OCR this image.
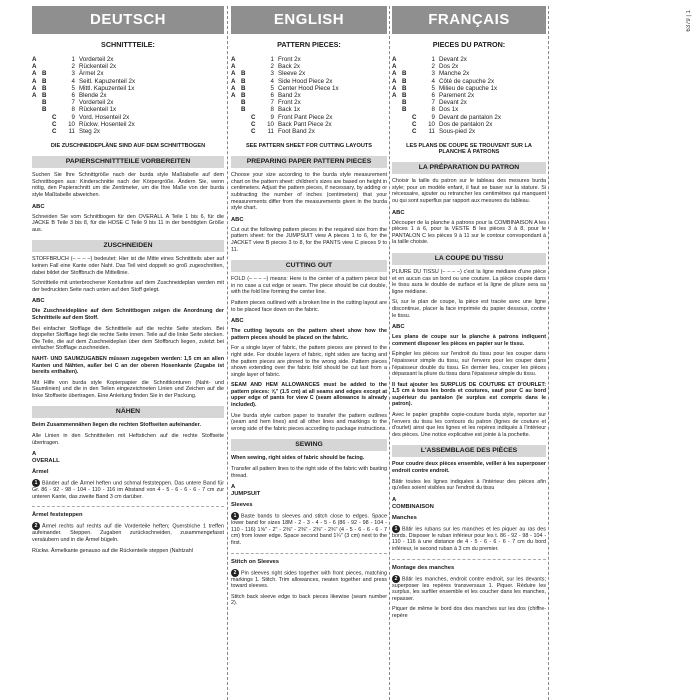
6379 | 1
DEUTSCH
SCHNITTTEILE:
A	1 Vorderteil 2x
A	2 Rückenteil 2x
A B	3 Ärmel 2x
A B	4 Seitl. Kapuzenteil 2x
A B	5 Mittl. Kapuzenteil 1x
A B	6 Blende 2x
B	7 Vorderteil 2x
B	8 Rückenteil 1x
C	9 Vord. Hosenteil 2x
C	10 Rückw. Hosenteil 2x
C	11 Steg 2x
DIE ZUSCHNEIDEPLÄNE SIND AUF DEM SCHNITTBOGEN
PAPIERSCHNITTTEILE VORBEREITEN
Suchen Sie Ihre Schnittgröße nach der burda style Maßtabelle auf dem Schnittbogen aus: Kinderschnitte nach der Körpergröße. Ändern Sie, wenn nötig, den Papierschnitt um die Zentimeter, um die Ihre Maße von der burda style Maßtabelle abweichen.
ABC
Schneiden Sie vom Schnittbogen für den OVERALL A Teile 1 bis 6, für die JACKE B Teile 3 bis 8, für die HOSE C Teile 9 bis 11 in der benötigten Größe aus.
ZUSCHNEIDEN
STOFFBRUCH (– – – –) bedeutet: Hier ist die Mitte eines Schnittteils aber auf keinen Fall eine Kante oder Naht. Das Teil wird doppelt so groß zugeschnitten, dabei bildet der Stoffbruch die Mittellinie.
Schnittteile mit unterbrochener Konturlinie auf dem Zuschneideplan werden mit der bedruckten Seite nach unten auf den Stoff gelegt.
ABC
Die Zuschneidepläne auf dem Schnittbogen zeigen die Anordnung der Schnittteile auf dem Stoff.
Bei einfacher Stofflage die Schnittteile auf die rechte Seite stecken. Bei doppelter Stofflage liegt die rechte Seite innen. Teile auf die linke Seite stecken. Die Teile, die auf dem Zuschneideplan über dem Stoffbruch liegen, zuletzt bei einfacher Stofflage zuschneiden.
NAHT- UND SAUMZUGABEN müssen zugegeben werden: 1,5 cm an allen Kanten und Nähten, außer bei C an der oberen Hosenkante (Zugabe ist bereits enthalten).
Mit Hilfe von burda style Kopierpapier die Schnittkonturen (Naht- und Saumlinien) und die in den Teilen eingezeichneten Linien und Zeichen auf die linke Stoffseite übertragen. Eine Anleitung finden Sie in der Packung.
NÄHEN
Beim Zusammennähen liegen die rechten Stoffseiten aufeinander.
Alle Linien in den Schnittteilen mit Heftstichen auf die rechte Stoffseite übertragen.
A
OVERALL
Ärmel
1 Bänder auf die Ärmel heften und schmal feststeppen. Das untere Band für Gr. 86 - 92 - 98 - 104 - 110 - 116 im Abstand von 4 - 5 - 6 - 6 - 6 - 7 cm zur unteren Kante, das zweite Band 3 cm darüber.
Ärmel feststeppen
2 Ärmel rechts auf rechts auf die Vorderteile heften; Querstriche 1 treffen aufeinander. Steppen. Zugaben zurückschneiden, zusammengefasst versäubern und in die Ärmel bügeln.
Rückw. Ärmelkante genauso auf die Rückenteile steppen (Nahtzahl
ENGLISH
PATTERN PIECES:
A	1 Front 2x
A	2 Back 2x
A B	3 Sleeve 2x
A B	4 Side Hood Piece 2x
A B	5 Center Hood Piece 1x
A B	6 Band 2x
B	7 Front 2x
B	8 Back 1x
C	9 Front Pant Piece 2x
C	10 Back Pant Piece 2x
C	11 Foot Band 2x
SEE PATTERN SHEET FOR CUTTING LAYOUTS
PREPARING PAPER PATTERN PIECES
Choose your size according to the burda style measurement chart on the pattern sheet: children's sizes are based on height in centimeters. Adjust the pattern pieces, if necessary, by adding or subtracting the number of inches (centimeters) that your measurements differ from the measurements given in the burda style chart.
ABC
Cut out the following pattern pieces in the required size from the pattern sheet: for the JUMPSUIT view A pieces 1 to 6, for the JACKET view B pieces 3 to 8, for the PANTS view C pieces 9 to 11.
CUTTING OUT
FOLD (– – – –) means: Here is the center of a pattern piece but in no case a cut edge or seam. The piece should be cut double, with the fold line forming the center line.
Pattern pieces outlined with a broken line in the cutting layout are to be placed face down on the fabric.
ABC
The cutting layouts on the pattern sheet show how the pattern pieces should be placed on the fabric.
For a single layer of fabric, the pattern pieces are pinned to the right side. For double layers of fabric, right sides are facing and the pattern pieces are pinned to the wrong side. Pattern pieces shown extending over the fabric fold should be cut last from a single layer of fabric.
SEAM AND HEM ALLOWANCES must be added to the pattern pieces: ⅝" (1.5 cm) at all seams and edges except at upper edge of pants for view C (seam allowance is already included).
Use burda style carbon paper to transfer the pattern outlines (seam and hem lines) and all other lines and markings to the wrong side of the fabric pieces according to package instructions.
SEWING
When sewing, right sides of fabric should be facing.
Transfer all pattern lines to the right side of the fabric with basting thread.
A
JUMPSUIT
Sleeves
1 Baste bands to sleeves and stitch close to edges. Space lower band for sizes 18M - 2 - 3 - 4 - 5 - 6 (86 - 92 - 98 - 104 - 110 - 116) 1⅝" - 2" - 2⅜" - 2⅜" - 2⅜" - 2¾" (4 - 5 - 6 - 6 - 6 - 7 cm) from lower edge. Space second band 1¼" (3 cm) next to the first.
Stitch on Sleeves
2 Pin sleeves right sides together with front pieces, matching markings 1. Stitch. Trim allowances, neaten together and press toward sleeves.
Stitch back sleeve edge to back pieces likewise (seam number 2).
FRANÇAIS
PIECES DU PATRON:
A	1 Devant 2x
A	2 Dos 2x
A B	3 Manche 2x
A B	4 Côté de capuche 2x
A B	5 Milieu de capuche 1x
A B	6 Parement 2x
B	7 Devant 2x
B	8 Dos 1x
C	9 Devant de pantalon 2x
C	10 Dos de pantalon 2x
C	11 Sous-pied 2x
LES PLANS DE COUPE SE TROUVENT SUR LA PLANCHE À PATRONS
LA PRÉPARATION DU PATRON
Choisir la taille du patron sur le tableau des mesures burda style; pour un modèle enfant, il faut se baser sur la stature. Si nécessaire, ajouter ou retrancher les centimètres qui manquent ou qui sont superflus par rapport aux mesures du tableau.
ABC
Découper de la planche à patrons pour la COMBINAISON A les pièces 1 à 6, pour la VESTE B les pièces 3 à 8, pour le PANTALON C les pièces 9 à 11 sur le contour correspondant à la taille choisie.
LA COUPE DU TISSU
PLIURE DU TISSU (– – – –) c'est la ligne médiane d'une pièce et en aucun cas un bord ou une couture. La pièce coupée dans le tissu aura le double de surface et la ligne de pliure sera sa ligne médiane.
Si, sur le plan de coupe, la pièce est tracée avec une ligne discontinue, placer la face imprimée du papier dessous, contre le tissu.
ABC
Les plans de coupe sur la planche à patrons indiquent comment disposer les pièces en papier sur le tissu.
Épingler les pièces sur l'endroit du tissu pour les couper dans l'épaisseur simple du tissu, sur l'envers pour les couper dans l'épaisseur double du tissu. En dernier lieu, couper les pièces dépassant la pliure du tissu dans l'épaisseur simple du tissu.
Il faut ajouter les SURPLUS DE COUTURE ET D'OURLET: 1,5 cm à tous les bords et coutures, sauf pour C au bord supérieur du pantalon (le surplus est compris dans le patron).
Avec le papier graphite copie-couture burda style, reporter sur l'envers du tissu les contours du patron (lignes de couture et d'ourlet) ainsi que les lignes et les repères indiqués à l'intérieur des pièces. Une notice explicative est jointe à la pochette.
L'ASSEMBLAGE DES PIÈCES
Pour coudre deux pièces ensemble, veiller à les superposer endroit contre endroit.
Bâtir toutes les lignes indiquées à l'intérieur des pièces afin qu'elles soient visibles sur l'endroit du tissu
A
COMBINAISON
Manches
1 Bâtir les rubans sur les manches et les piquer au ras des bords. Disposer le ruban inférieur pour les t. 86 - 92 - 98 - 104 - 110 - 116 à une distance de 4 - 5 - 6 - 6 - 6 - 7 cm du bord inférieur, le second ruban à 3 cm du premier.
Montage des manches
2 Bâtir les manches, endroit contre endroit, sur les devants; superposer les repères transversaux 1. Piquer. Réduire les surplus, les surfiler ensemble et les coucher dans les manches, repasser.
Piquer de même le bord dos des manches sur les dos (chiffre-repère
